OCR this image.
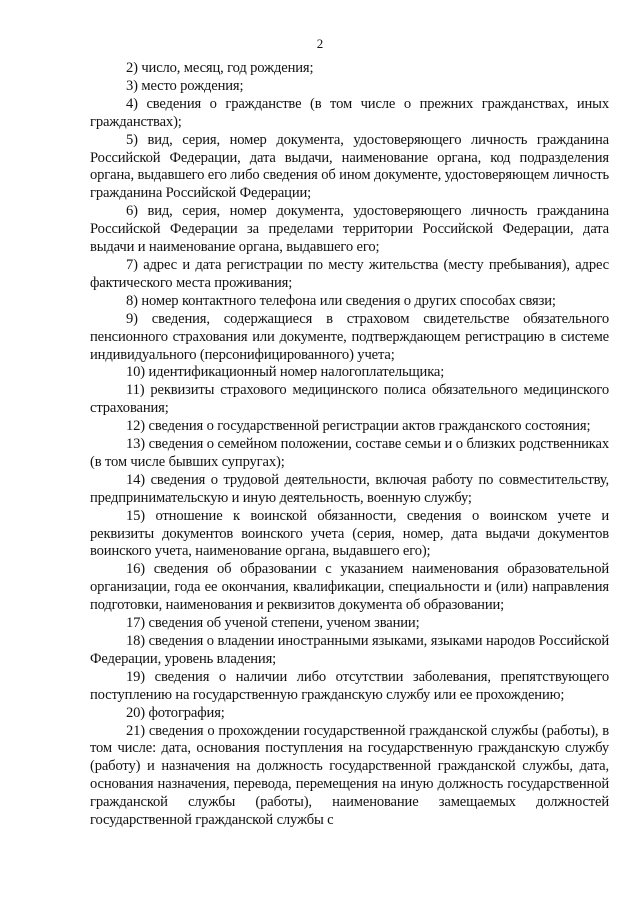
2

2) число, месяц, год рождения;

3) место рождения;

4) сведения о гражданстве (в том числе о прежних гражданствах, иных гражданствах);

5) вид, серия, номер документа, удостоверяющего личность гражданина Российской Федерации, дата выдачи, наименование органа, код подразделения органа, выдавшего его либо сведения об ином документе, удостоверяющем личность гражданина Российской Федерации;

6) вид, серия, номер документа, удостоверяющего личность гражданина Российской Федерации за пределами территории Российской Федерации, дата выдачи и наименование органа, выдавшего его;

7) адрес и дата регистрации по месту жительства (месту пребывания), адрес фактического места проживания;

8) номер контактного телефона или сведения о других способах связи;

9) сведения, содержащиеся в страховом свидетельстве обязательного пенсионного страхования или документе, подтверждающем регистрацию в системе индивидуального (персонифицированного) учета;

10) идентификационный номер налогоплательщика;

11) реквизиты страхового медицинского полиса обязательного медицинского страхования;

12) сведения о государственной регистрации актов гражданского состояния;

13) сведения о семейном положении, составе семьи и о близких родственниках (в том числе бывших супругах);

14) сведения о трудовой деятельности, включая работу по совместительству, предпринимательскую и иную деятельность, военную службу;

15) отношение к воинской обязанности, сведения о воинском учете и реквизиты документов воинского учета (серия, номер, дата выдачи документов воинского учета, наименование органа, выдавшего его);

16) сведения об образовании с указанием наименования образовательной организации, года ее окончания, квалификации, специальности и (или) направления подготовки, наименования и реквизитов документа об образовании;

17) сведения об ученой степени, ученом звании;

18) сведения о владении иностранными языками, языками народов Российской Федерации, уровень владения;

19) сведения о наличии либо отсутствии заболевания, препятствующего поступлению на государственную гражданскую службу или ее прохождению;

20) фотография;

21) сведения о прохождении государственной гражданской службы (работы), в том числе: дата, основания поступления на государственную гражданскую службу (работу) и назначения на должность государственной гражданской службы, дата, основания назначения, перевода, перемещения на иную должность государственной гражданской службы (работы), наименование замещаемых должностей государственной гражданской службы с
